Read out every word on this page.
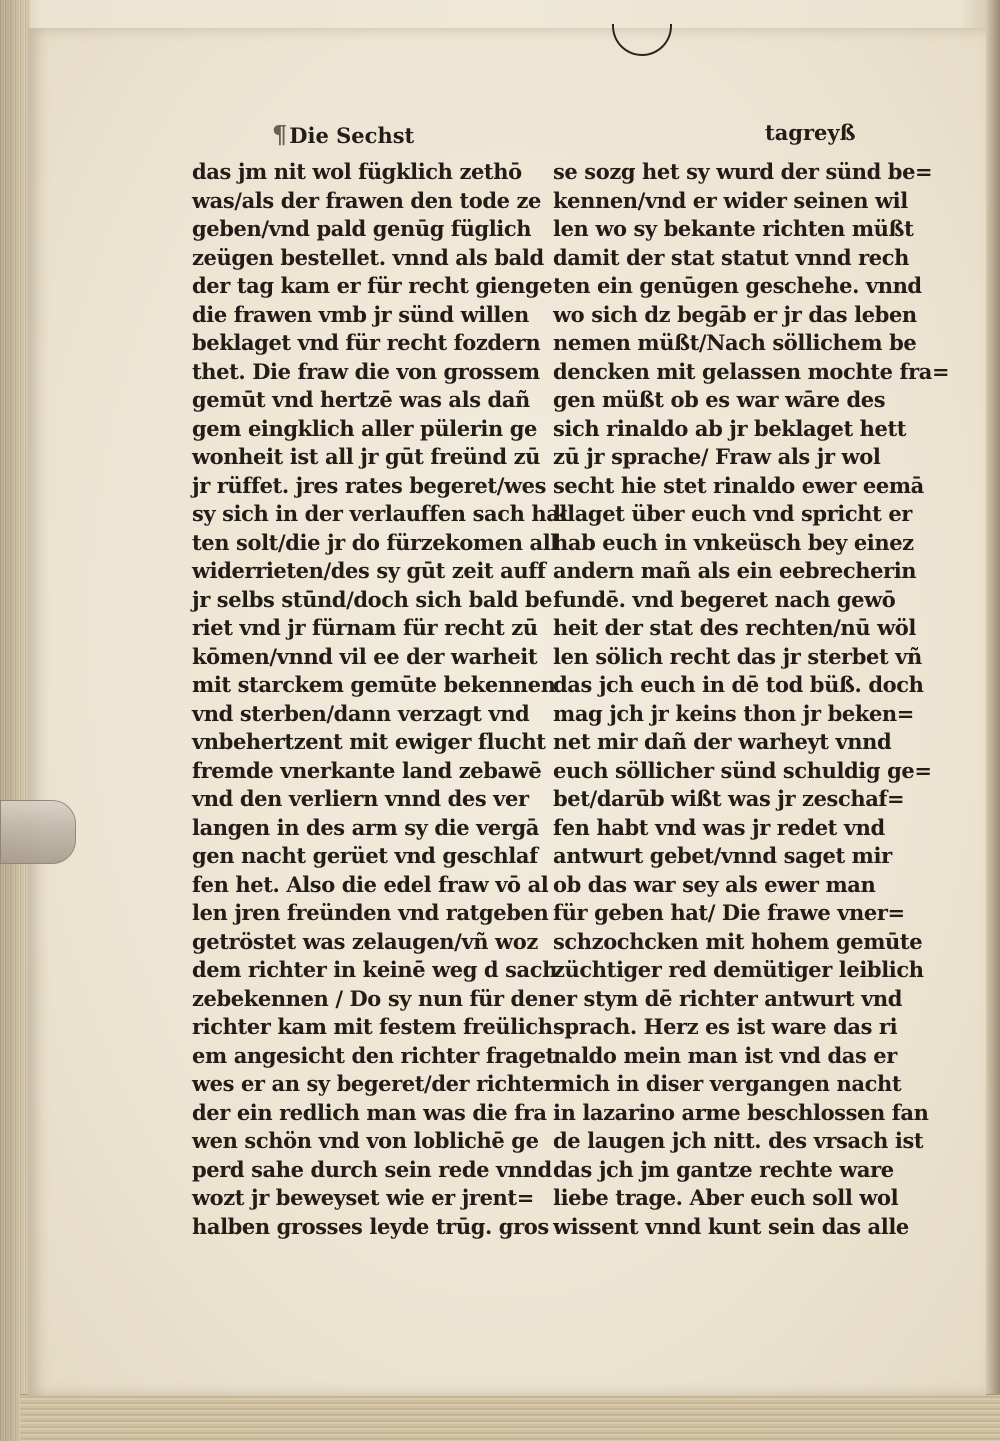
¶Die Sechst	tagreyß
das jm nit wol fügklich zethō
was/als der frawen den tode ze
geben/vnd pald genūg füglich
zeügen bestellet. vnnd als bald
der tag kam er für recht gienge
die frawen vmb jr sünd willen
beklaget vnd für recht fozdern
thet. Die fraw die von grossem
gemūt vnd hertzē was als dañ
gem eingklich aller pülerin ge
wonheit ist all jr gūt freünd zū
jr rüffet. jres rates begeret/wes
sy sich in der verlauffen sach hal
ten solt/die jr do fürzekomen all
widerrieten/des sy gūt zeit auff
jr selbs stūnd/doch sich bald be
riet vnd jr fürnam für recht zū
kōmen/vnnd vil ee der warheit
mit starckem gemūte bekennen
vnd sterben/dann verzagt vnd
vnbehertzent mit ewiger flucht
fremde vnerkante land zebawē
vnd den verliern vnnd des ver
langen in des arm sy die vergā
gen nacht gerüet vnd geschlaf
fen het. Also die edel fraw vō al
len jren freünden vnd ratgeben
getröstet was zelaugen/vñ woz
dem richter in keinē weg d sach
zebekennen / Do sy nun für den
richter kam mit festem freülich
em angesicht den richter fraget
wes er an sy begeret/der richter
der ein redlich man was die fra
wen schön vnd von loblichē ge
perd sahe durch sein rede vnnd
wozt jr beweyset wie er jrent=
halben grosses leyde trūg. gros
se sozg het sy wurd der sünd be=
kennen/vnd er wider seinen wil
len wo sy bekante richten müßt
damit der stat statut vnnd rech
ten ein genūgen geschehe. vnnd
wo sich dz begāb er jr das leben
nemen müßt/Nach söllichem be
dencken mit gelassen mochte fra=
gen müßt ob es war wāre des
sich rinaldo ab jr beklaget hett
zū jr sprache/ Fraw als jr wol
secht hie stet rinaldo ewer eemā
klaget über euch vnd spricht er
hab euch in vnkeüsch bey einez
andern mañ als ein eebrecherin
fundē. vnd begeret nach gewō
heit der stat des rechten/nū wöl
len sölich recht das jr sterbet vñ
das jch euch in dē tod büß. doch
mag jch jr keins thon jr beken=
net mir dañ der warheyt vnnd
euch söllicher sünd schuldig ge=
bet/darūb wißt was jr zeschaf=
fen habt vnd was jr redet vnd
antwurt gebet/vnnd saget mir
ob das war sey als ewer man
für geben hat/ Die frawe vner=
schzochcken mit hohem gemūte
züchtiger red demütiger leiblich
er stym dē richter antwurt vnd
sprach. Herz es ist ware das ri
naldo mein man ist vnd das er
mich in diser vergangen nacht
in lazarino arme beschlossen fan
de laugen jch nitt. des vrsach ist
das jch jm gantze rechte ware
liebe trage. Aber euch soll wol
wissent vnnd kunt sein das alle
